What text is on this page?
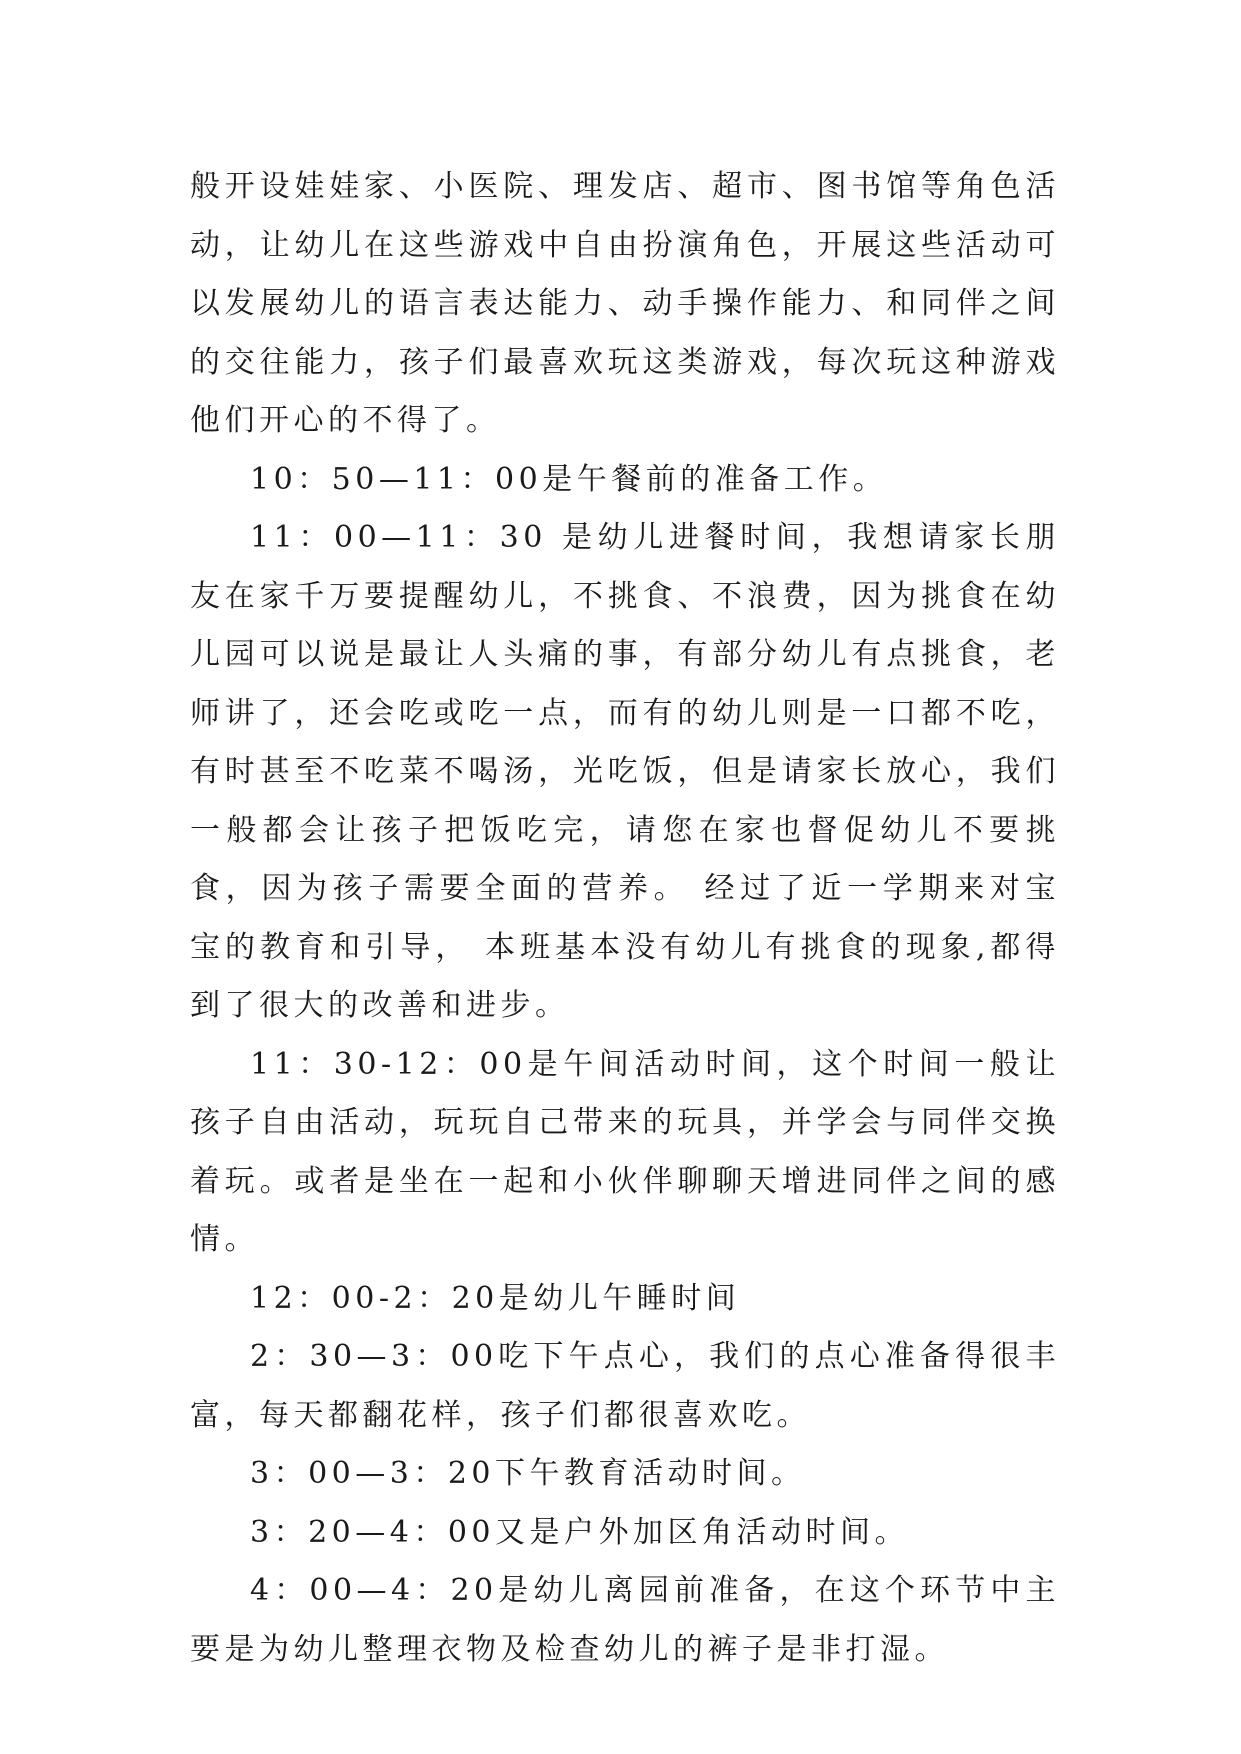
般开设娃娃家、小医院、理发店、超市、图书馆等角色活动，让幼儿在这些游戏中自由扮演角色，开展这些活动可以发展幼儿的语言表达能力、动手操作能力、和同伴之间的交往能力，孩子们最喜欢玩这类游戏，每次玩这种游戏他们开心的不得了。

10：50—11：00是午餐前的准备工作。

11：00—11：30 是幼儿进餐时间，我想请家长朋友在家千万要提醒幼儿，不挑食、不浪费，因为挑食在幼儿园可以说是最让人头痛的事，有部分幼儿有点挑食，老师讲了，还会吃或吃一点，而有的幼儿则是一口都不吃，有时甚至不吃菜不喝汤，光吃饭，但是请家长放心，我们一般都会让孩子把饭吃完，请您在家也督促幼儿不要挑食，因为孩子需要全面的营养。 经过了近一学期来对宝宝的教育和引导， 本班基本没有幼儿有挑食的现象,都得到了很大的改善和进步。

11：30-12：00是午间活动时间，这个时间一般让孩子自由活动，玩玩自己带来的玩具，并学会与同伴交换着玩。或者是坐在一起和小伙伴聊聊天增进同伴之间的感情。

12：00-2：20是幼儿午睡时间

2：30—3：00吃下午点心，我们的点心准备得很丰富，每天都翻花样，孩子们都很喜欢吃。

3：00—3：20下午教育活动时间。

3：20—4：00又是户外加区角活动时间。

4：00—4：20是幼儿离园前准备，在这个环节中主要是为幼儿整理衣物及检查幼儿的裤子是非打湿。
